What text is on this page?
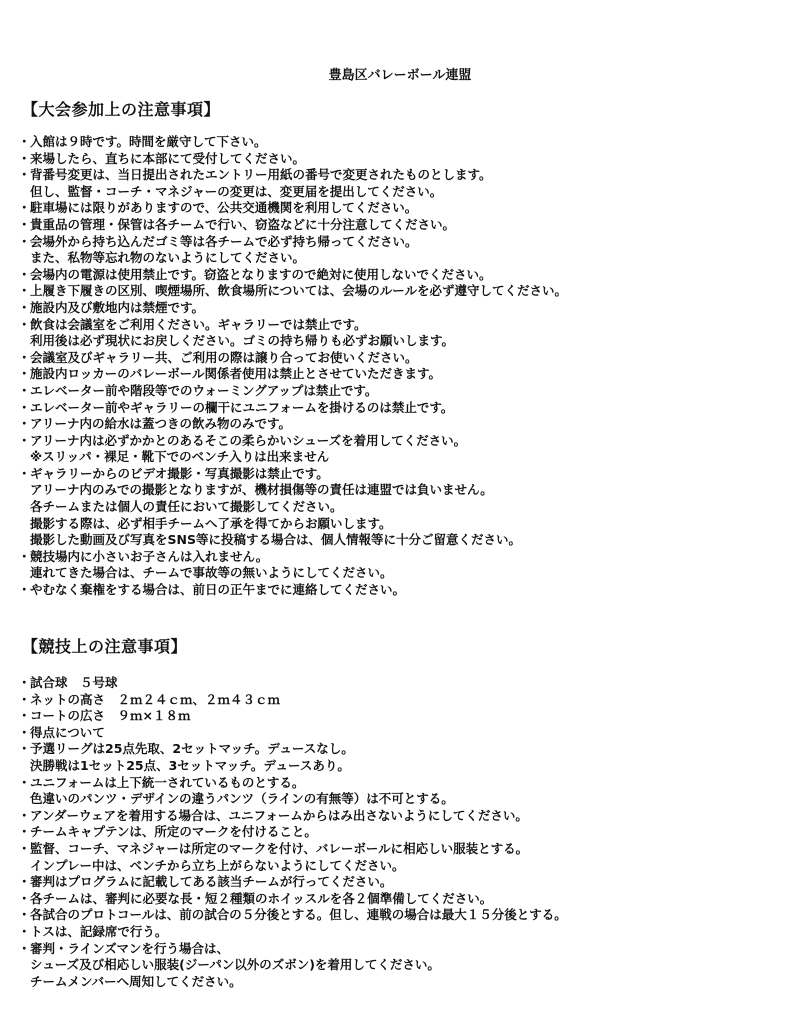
豊島区バレーボール連盟
【大会参加上の注意事項】
・ 入館は９時です。時間を厳守して下さい。
・ 来場したら、直ちに本部にて受付してください。
・ 背番号変更は、当日提出されたエントリー用紙の番号で変更されたものとします。
但し、監督・コーチ・マネジャーの変更は、変更届を提出してください。
・ 駐車場には限りがありますので、公共交通機関を利用してください。
・ 貴重品の管理・保管は各チームで行い、窃盗などに十分注意してください。
・ 会場外から持ち込んだゴミ等は各チームで必ず持ち帰ってください。
また、私物等忘れ物のないようにしてください。
・ 会場内の電源は使用禁止です。窃盗となりますので絶対に使用しないでください。
・ 上履き下履きの区別、喫煙場所、飲食場所については、会場のルールを必ず遵守してください。
・ 施設内及び敷地内は禁煙です。
・ 飲食は会議室をご利用ください。ギャラリーでは禁止です。
利用後は必ず現状にお戻しください。ゴミの持ち帰りも必ずお願いします。
・ 会議室及びギャラリー共、ご利用の際は譲り合ってお使いください。
・ 施設内ロッカーのバレーボール関係者使用は禁止とさせていただきます。
・ エレベーター前や階段等でのウォーミングアップは禁止です。
・ エレベーター前やギャラリーの欄干にユニフォームを掛けるのは禁止です。
・ アリーナ内の給水は蓋つきの飲み物のみです。
・ アリーナ内は必ずかかとのあるそこの柔らかいシューズを着用してください。
※スリッパ・裸足・靴下でのベンチ入りは出来ません
・ ギャラリーからのビデオ撮影・写真撮影は禁止です。
アリーナ内のみでの撮影となりますが、機材損傷等の責任は連盟では負いません。
各チームまたは個人の責任において撮影してください。
撮影する際は、必ず相手チームへ了承を得てからお願いします。
撮影した動画及び写真をSNS等に投稿する場合は、個人情報等に十分ご留意ください。
・ 競技場内に小さいお子さんは入れません。
連れてきた場合は、チームで事故等の無いようにしてください。
・ やむなく棄権をする場合は、前日の正午までに連絡してください。
【競技上の注意事項】
・ 試合球　５号球
・ ネットの高さ　２ｍ２４ｃｍ、２ｍ４３ｃｍ
・ コートの広さ　９ｍ×１８ｍ
・ 得点について
・ 予選リーグは25点先取、2セットマッチ。デュースなし。
決勝戦は1セット25点、3セットマッチ。デュースあり。
・ ユニフォームは上下統一されているものとする。
色違いのパンツ・デザインの違うパンツ（ラインの有無等）は不可とする。
・ アンダーウェアを着用する場合は、ユニフォームからはみ出さないようにしてください。
・ チームキャプテンは、所定のマークを付けること。
・ 監督、コーチ、マネジャーは所定のマークを付け、バレーボールに相応しい服装とする。
インプレー中は、ベンチから立ち上がらないようにしてください。
・ 審判はプログラムに記載してある該当チームが行ってください。
・ 各チームは、審判に必要な長・短２種類のホイッスルを各２個準備してください。
・ 各試合のプロトコールは、前の試合の５分後とする。但し、連戦の場合は最大１５分後とする。
・ トスは、記録席で行う。
・ 審判・ラインズマンを行う場合は、
シューズ及び相応しい服装(ジーパン以外のズボン)を着用してください。
チームメンバーへ周知してください。
